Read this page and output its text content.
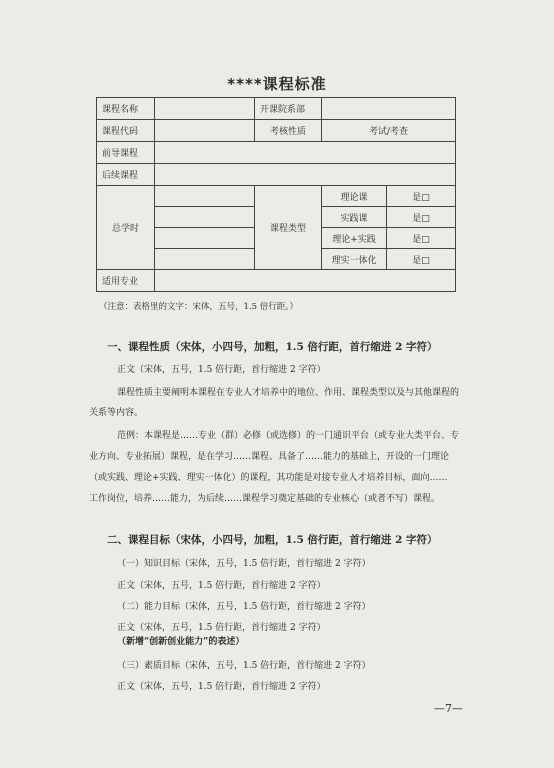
****课程标准
课程名称		开课院系部		
课程代码		考核性质	考试/考查	
前导课程				
后续课程				
总学时		课程类型	理论课	是□
			实践课	是□
			理论+实践	是□
			理实一体化	是□
适用专业				
（注意：表格里的文字：宋体，五号，1.5 倍行距。）
一、课程性质（宋体，小四号，加粗，1.5 倍行距，首行缩进 2 字符）
正文（宋体，五号，1.5 倍行距，首行缩进 2 字符）
课程性质主要阐明本课程在专业人才培养中的地位、作用、课程类型以及与其他课程的
关系等内容。
范例：本课程是……专业（群）必修（或选修）的一门通识平台（或专业大类平台、专
业方向、专业拓展）课程，是在学习……课程、具备了……能力的基础上，开设的一门理论
（或实践、理论+实践、理实一体化）的课程，其功能是对接专业人才培养目标，面向……
工作岗位，培养……能力，为后续……课程学习奠定基础的专业核心（或者不写）课程。
二、课程目标（宋体，小四号，加粗，1.5 倍行距，首行缩进 2 字符）
（一）知识目标（宋体，五号，1.5 倍行距，首行缩进 2 字符）
正文（宋体，五号，1.5 倍行距，首行缩进 2 字符）
（二）能力目标（宋体，五号，1.5 倍行距，首行缩进 2 字符）
正文（宋体，五号，1.5 倍行距，首行缩进 2 字符）
（新增“创新创业能力”的表述）
（三）素质目标（宋体，五号，1.5 倍行距，首行缩进 2 字符）
正文（宋体，五号，1.5 倍行距，首行缩进 2 字符）
—7—
